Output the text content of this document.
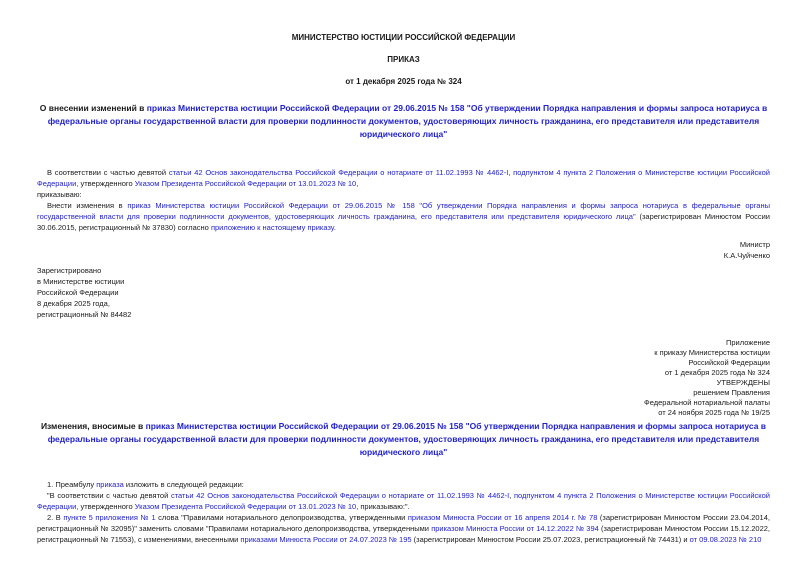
МИНИСТЕРСТВО ЮСТИЦИИ РОССИЙСКОЙ ФЕДЕРАЦИИ
ПРИКАЗ
от 1 декабря 2025 года № 324
О внесении изменений в приказ Министерства юстиции Российской Федерации от 29.06.2015 № 158 "Об утверждении Порядка направления и формы запроса нотариуса в федеральные органы государственной власти для проверки подлинности документов, удостоверяющих личность гражданина, его представителя или представителя юридического лица"

В соответствии с частью девятой статьи 42 Основ законодательства Российской Федерации о нотариате от 11.02.1993 № 4462-I, подпунктом 4 пункта 2 Положения о Министерстве юстиции Российской Федерации, утвержденного Указом Президента Российской Федерации от 13.01.2023 № 10,

приказываю:

Внести изменения в приказ Министерства юстиции Российской Федерации от 29.06.2015 № 158 "Об утверждении Порядка направления и формы запроса нотариуса в федеральные органы государственной власти для проверки подлинности документов, удостоверяющих личность гражданина, его представителя или представителя юридического лица" (зарегистрирован Минюстом России 30.06.2015, регистрационный № 37830) согласно приложению к настоящему приказу.

Министр
К.А.Чуйченко
Зарегистрировано
в Министерстве юстиции
Российской Федерации
8 декабря 2025 года,
регистрационный № 84482
Приложение
к приказу Министерства юстиции
Российской Федерации
от 1 декабря 2025 года № 324
УТВЕРЖДЕНЫ
решением Правления
Федеральной нотариальной палаты
от 24 ноября 2025 года № 19/25
Изменения, вносимые в приказ Министерства юстиции Российской Федерации от 29.06.2015 № 158 "Об утверждении Порядка направления и формы запроса нотариуса в федеральные органы государственной власти для проверки подлинности документов, удостоверяющих личность гражданина, его представителя или представителя юридического лица"

1. Преамбулу приказа изложить в следующей редакции:

"В соответствии с частью девятой статьи 42 Основ законодательства Российской Федерации о нотариате от 11.02.1993 № 4462-I, подпунктом 4 пункта 2 Положения о Министерстве юстиции Российской Федерации, утвержденного Указом Президента Российской Федерации от 13.01.2023 № 10, приказываю:".

2. В пункте 5 приложения № 1 слова "Правилами нотариального делопроизводства, утвержденными приказом Минюста России от 16 апреля 2014 г. № 78 (зарегистрирован Минюстом России 23.04.2014, регистрационный № 32095)" заменить словами "Правилами нотариального делопроизводства, утвержденными приказом Минюста России от 14.12.2022 № 394 (зарегистрирован Минюстом России 15.12.2022, регистрационный № 71553), с изменениями, внесенными приказами Минюста России от 24.07.2023 № 195 (зарегистрирован Минюстом России 25.07.2023, регистрационный № 74431) и от 09.08.2023 № 210
